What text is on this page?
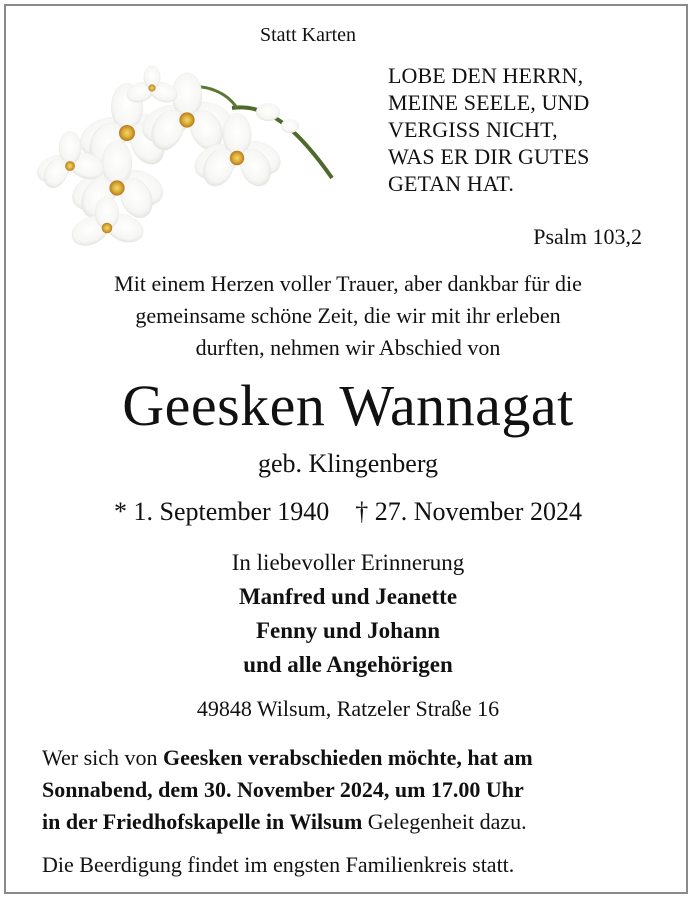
Statt Karten
LOBE DEN HERRN,
MEINE SEELE, UND
VERGISS NICHT,
WAS ER DIR GUTES
GETAN HAT.
Psalm 103,2
Mit einem Herzen voller Trauer, aber dankbar für die
gemeinsame schöne Zeit, die wir mit ihr erleben
durften, nehmen wir Abschied von
Geesken Wannagat
geb. Klingenberg
* 1. September 1940 † 27. November 2024
In liebevoller Erinnerung
Manfred und Jeanette
Fenny und Johann
und alle Angehörigen
49848 Wilsum, Ratzeler Straße 16
Wer sich von Geesken verabschieden möchte, hat am
Sonnabend, dem 30. November 2024, um 17.00 Uhr
in der Friedhofskapelle in Wilsum Gelegenheit dazu.
Die Beerdigung findet im engsten Familienkreis statt.
